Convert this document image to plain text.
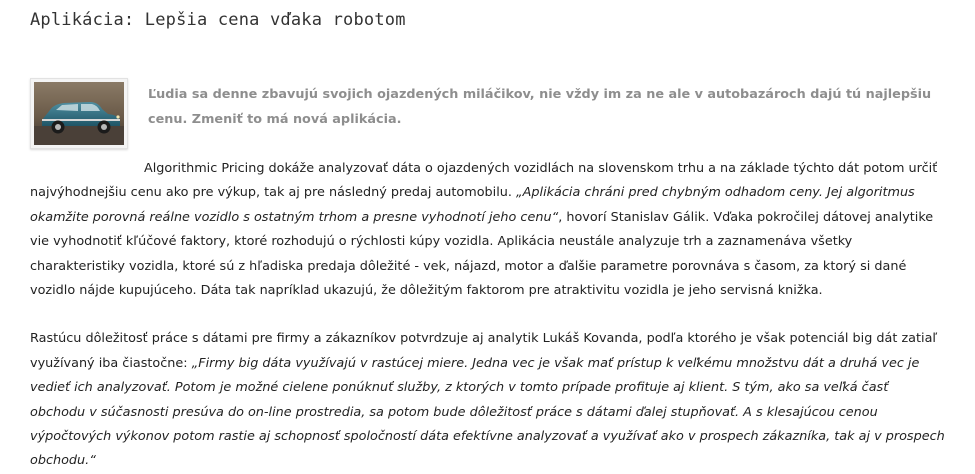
Aplikácia: Lepšia cena vďaka robotom

Ľudia sa denne zbavujú svojich ojazdených miláčikov, nie vždy im za ne ale v autobazároch dajú tú najlepšiu cenu. Zmeniť to má nová aplikácia.

Algorithmic Pricing dokáže analyzovať dáta o ojazdených vozidlách na slovenskom trhu a na základe týchto dát potom určiť najvýhodnejšiu cenu ako pre výkup, tak aj pre následný predaj automobilu. „Aplikácia chráni pred chybným odhadom ceny. Jej algoritmus okamžite porovná reálne vozidlo s ostatným trhom a presne vyhodnotí jeho cenu“, hovorí Stanislav Gálik. Vďaka pokročilej dátovej analytike vie vyhodnotiť kľúčové faktory, ktoré rozhodujú o rýchlosti kúpy vozidla. Aplikácia neustále analyzuje trh a zaznamenáva všetky charakteristiky vozidla, ktoré sú z hľadiska predaja dôležité - vek, nájazd, motor a ďalšie parametre porovnáva s časom, za ktorý si dané vozidlo nájde kupujúceho. Dáta tak napríklad ukazujú, že dôležitým faktorom pre atraktivitu vozidla je jeho servisná knižka.

Rastúcu dôležitosť práce s dátami pre firmy a zákazníkov potvrdzuje aj analytik Lukáš Kovanda, podľa ktorého je však potenciál big dát zatiaľ využívaný iba čiastočne: „Firmy big dáta využívajú v rastúcej miere. Jedna vec je však mať prístup k veľkému množstvu dát a druhá vec je vedieť ich analyzovať. Potom je možné cielene ponúknuť služby, z ktorých v tomto prípade profituje aj klient. S tým, ako sa veľká časť obchodu v súčasnosti presúva do on-line prostredia, sa potom bude dôležitosť práce s dátami ďalej stupňovať. A s klesajúcou cenou výpočtových výkonov potom rastie aj schopnosť spoločností dáta efektívne analyzovať a využívať ako v prospech zákazníka, tak aj v prospech obchodu.“
